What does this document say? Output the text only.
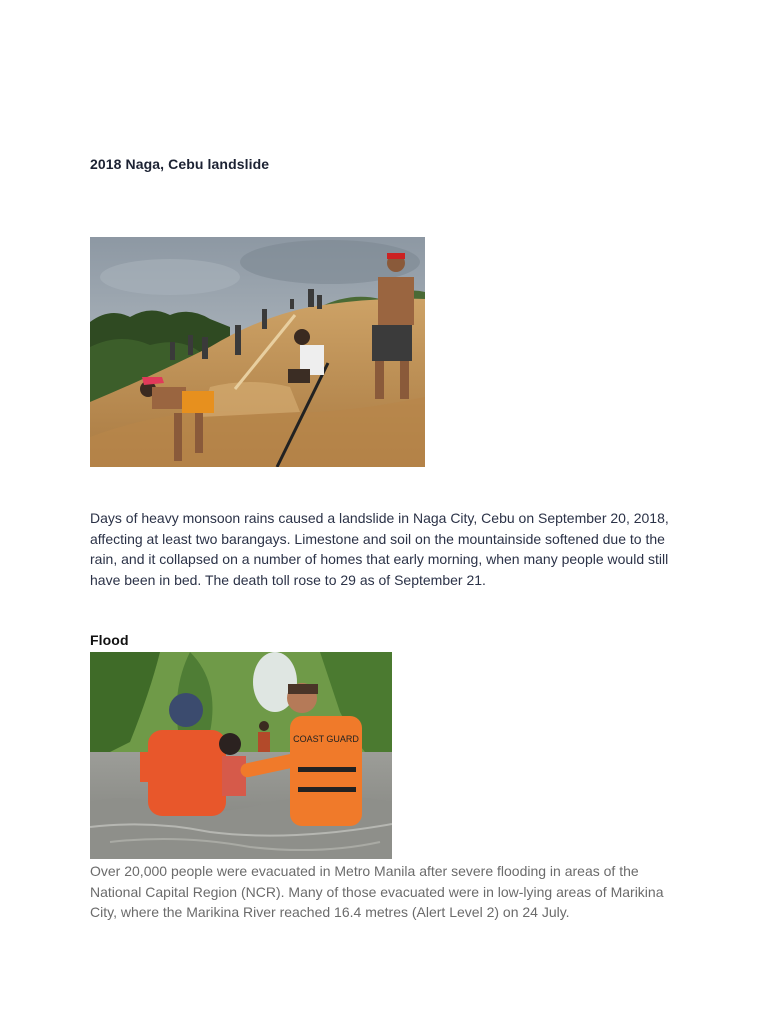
2018 Naga, Cebu landslide

Days of heavy monsoon rains caused a landslide in Naga City, Cebu on September 20, 2018, affecting at least two barangays. Limestone and soil on the mountainside softened due to the rain, and it collapsed on a number of homes that early morning, when many people would still have been in bed. The death toll rose to 29 as of September 21.

Flood
COAST GUARD

Over 20,000 people were evacuated in Metro Manila after severe flooding in areas of the National Capital Region (NCR). Many of those evacuated were in low-lying areas of Marikina City, where the Marikina River reached 16.4 metres (Alert Level 2) on 24 July.
